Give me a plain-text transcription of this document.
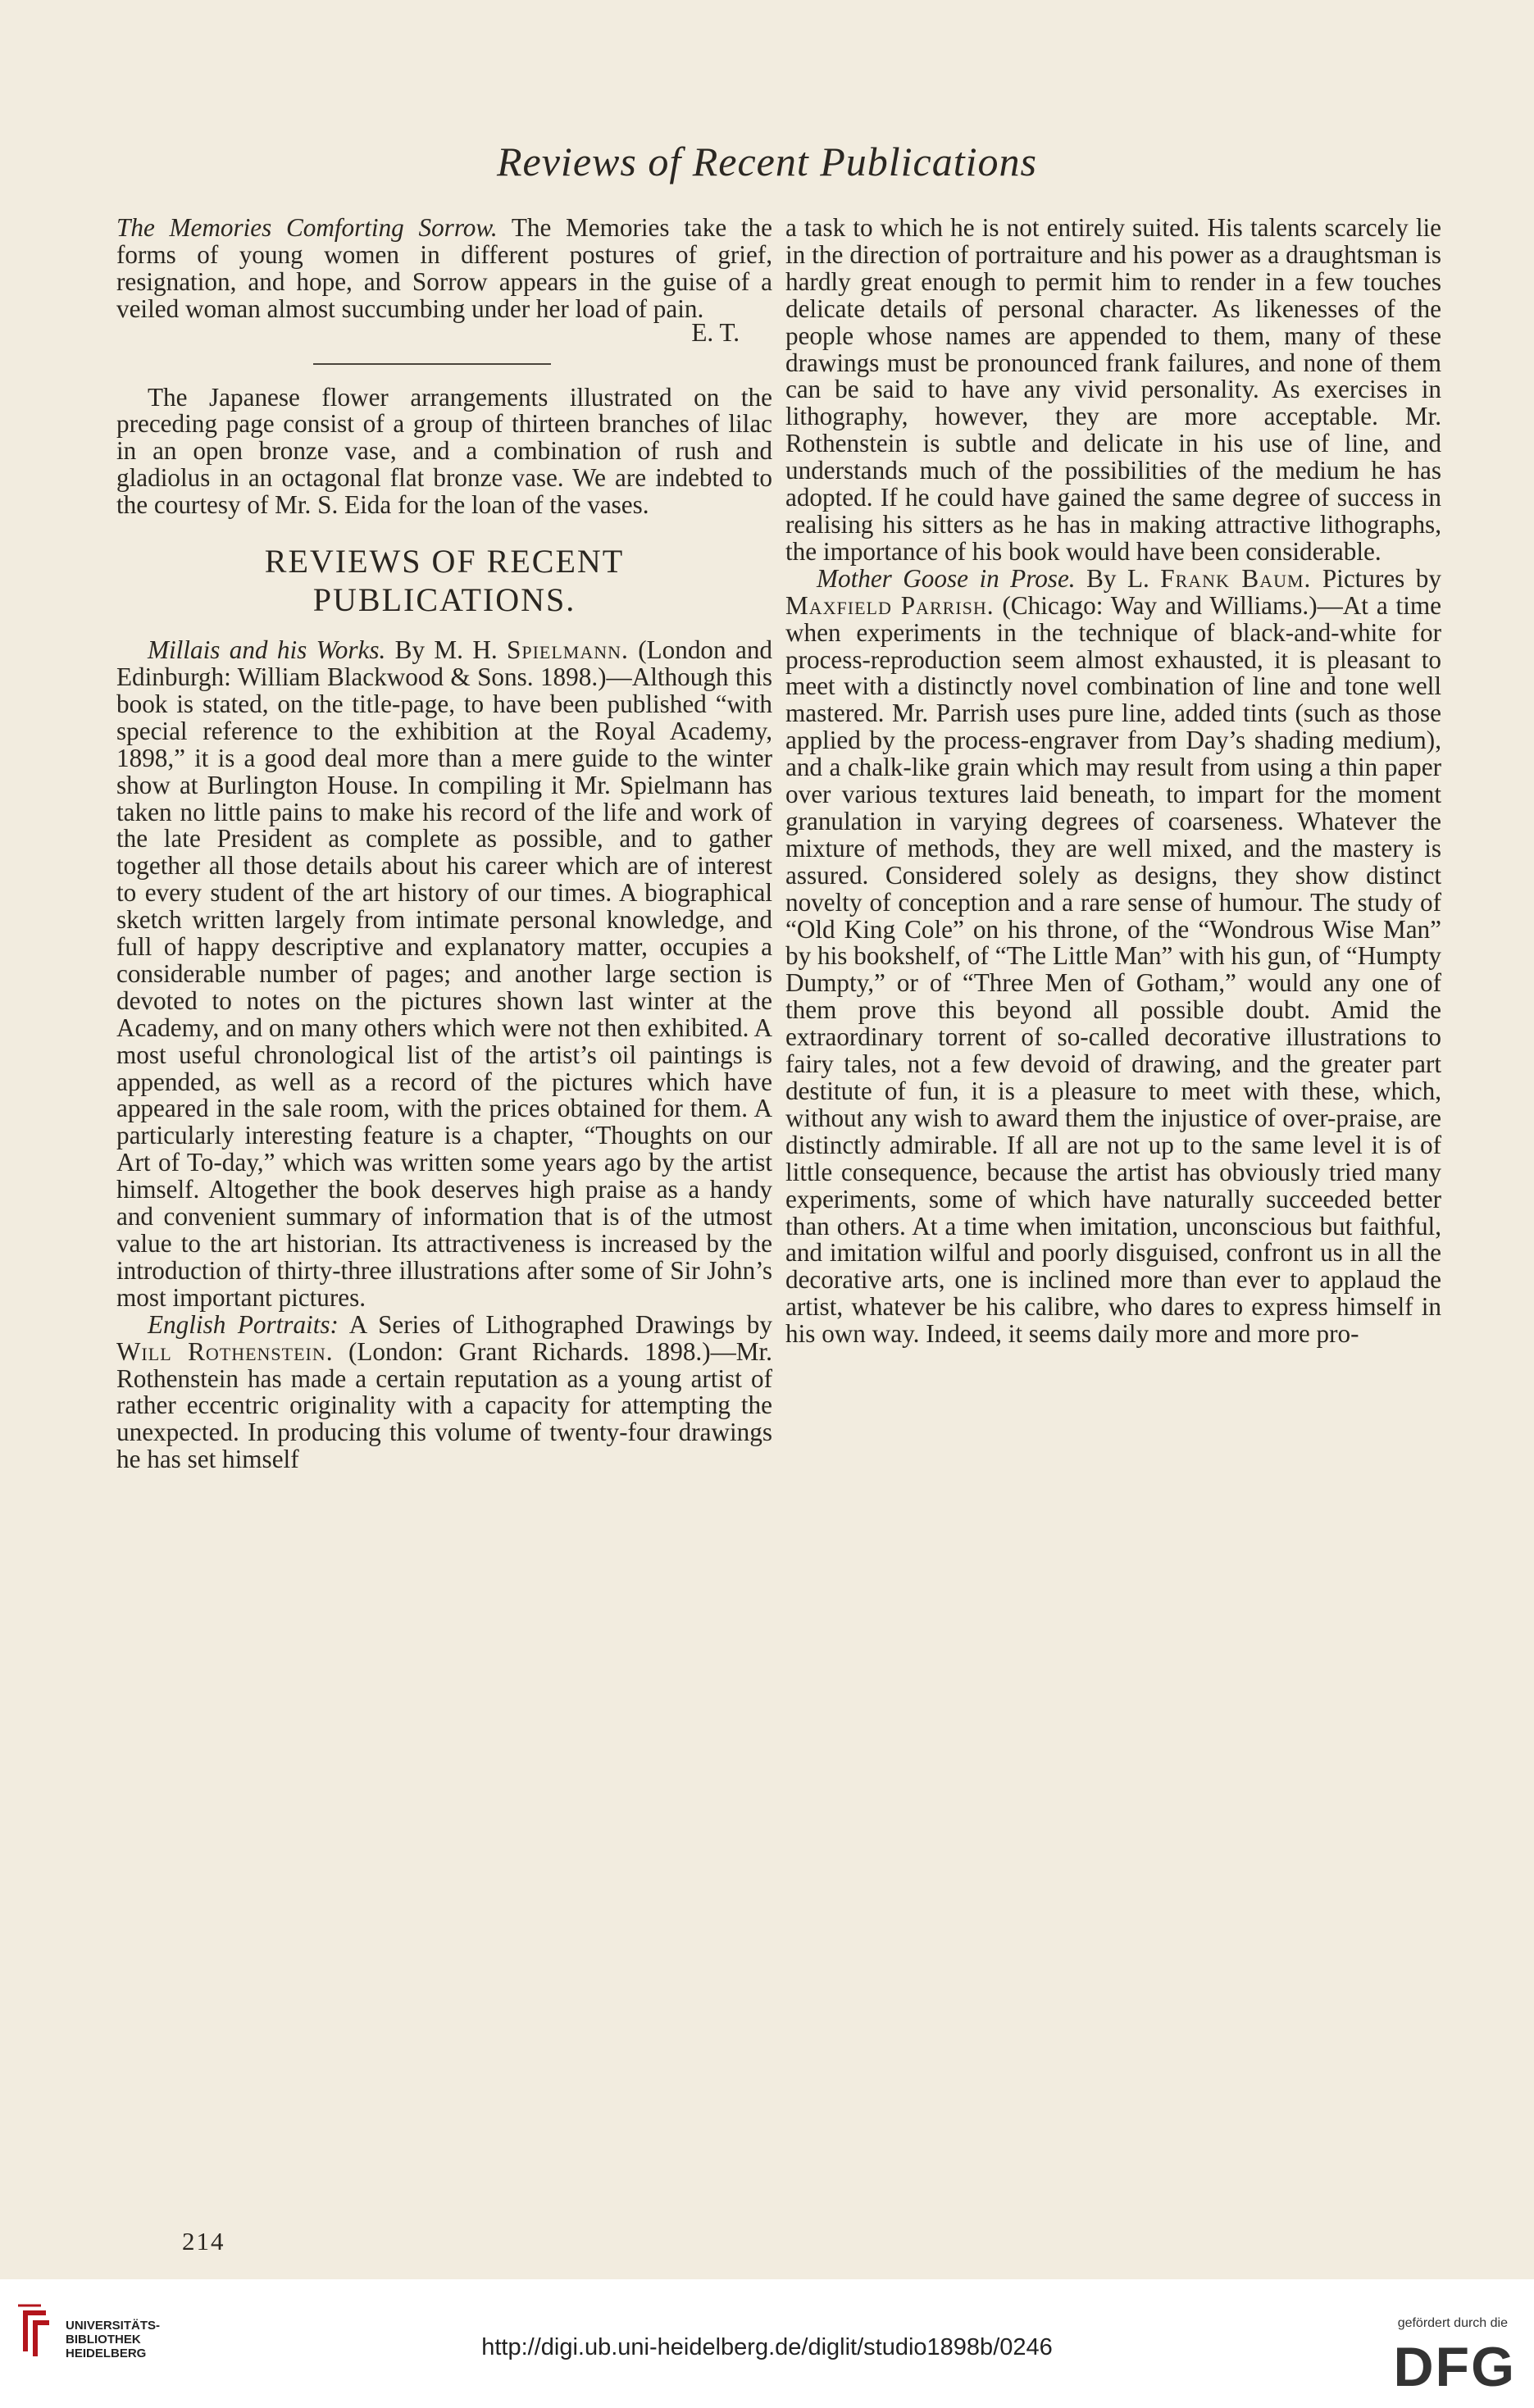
Reviews of Recent Publications

The Memories Comforting Sorrow. The Memories take the forms of young women in different postures of grief, resignation, and hope, and Sorrow appears in the guise of a veiled woman almost succumbing under her load of pain.

E. T.

The Japanese flower arrangements illustrated on the preceding page consist of a group of thirteen branches of lilac in an open bronze vase, and a combination of rush and gladiolus in an octagonal flat bronze vase. We are indebted to the courtesy of Mr. S. Eida for the loan of the vases.

REVIEWS OF RECENT
PUBLICATIONS.

Millais and his Works. By M. H. Spielmann. (London and Edinburgh: William Blackwood & Sons. 1898.)—Although this book is stated, on the title-page, to have been published “with special reference to the exhibition at the Royal Academy, 1898,” it is a good deal more than a mere guide to the winter show at Burlington House. In compiling it Mr. Spielmann has taken no little pains to make his record of the life and work of the late President as complete as possible, and to gather together all those details about his career which are of interest to every student of the art history of our times. A biographical sketch written largely from intimate personal knowledge, and full of happy descriptive and explanatory matter, occupies a considerable number of pages; and another large section is devoted to notes on the pictures shown last winter at the Academy, and on many others which were not then exhibited. A most useful chronological list of the artist’s oil paintings is appended, as well as a record of the pictures which have appeared in the sale room, with the prices obtained for them. A particularly interesting feature is a chapter, “Thoughts on our Art of To-day,” which was written some years ago by the artist himself. Altogether the book deserves high praise as a handy and convenient summary of information that is of the utmost value to the art historian. Its attractiveness is increased by the introduction of thirty-three illustrations after some of Sir John’s most important pictures.

English Portraits: A Series of Lithographed Drawings by Will Rothenstein. (London: Grant Richards. 1898.)—Mr. Rothenstein has made a certain reputation as a young artist of rather eccentric originality with a capacity for attempting the unexpected. In producing this volume of twenty-four drawings he has set himself

a task to which he is not entirely suited. His talents scarcely lie in the direction of portraiture and his power as a draughtsman is hardly great enough to permit him to render in a few touches delicate details of personal character. As likenesses of the people whose names are appended to them, many of these drawings must be pronounced frank failures, and none of them can be said to have any vivid personality. As exercises in lithography, however, they are more acceptable. Mr. Rothenstein is subtle and delicate in his use of line, and understands much of the possibilities of the medium he has adopted. If he could have gained the same degree of success in realising his sitters as he has in making attractive lithographs, the importance of his book would have been considerable.

Mother Goose in Prose. By L. Frank Baum. Pictures by Maxfield Parrish. (Chicago: Way and Williams.)—At a time when experiments in the technique of black-and-white for process-reproduction seem almost exhausted, it is pleasant to meet with a distinctly novel combination of line and tone well mastered. Mr. Parrish uses pure line, added tints (such as those applied by the process-engraver from Day’s shading medium), and a chalk-like grain which may result from using a thin paper over various textures laid beneath, to impart for the moment granulation in varying degrees of coarseness. Whatever the mixture of methods, they are well mixed, and the mastery is assured. Considered solely as designs, they show distinct novelty of conception and a rare sense of humour. The study of “Old King Cole” on his throne, of the “Wondrous Wise Man” by his bookshelf, of “The Little Man” with his gun, of “Humpty Dumpty,” or of “Three Men of Gotham,” would any one of them prove this beyond all possible doubt. Amid the extraordinary torrent of so-called decorative illustrations to fairy tales, not a few devoid of drawing, and the greater part destitute of fun, it is a pleasure to meet with these, which, without any wish to award them the injustice of over-praise, are distinctly admirable. If all are not up to the same level it is of little consequence, because the artist has obviously tried many experiments, some of which have naturally succeeded better than others. At a time when imitation, unconscious but faithful, and imitation wilful and poorly disguised, confront us in all the decorative arts, one is inclined more than ever to applaud the artist, whatever be his calibre, who dares to express himself in his own way. Indeed, it seems daily more and more pro-

214
UNIVERSITÄTS-
BIBLIOTHEK
HEIDELBERG	http://digi.ub.uni-heidelberg.de/diglit/studio1898b/0246
gefördert durch die
DFG
